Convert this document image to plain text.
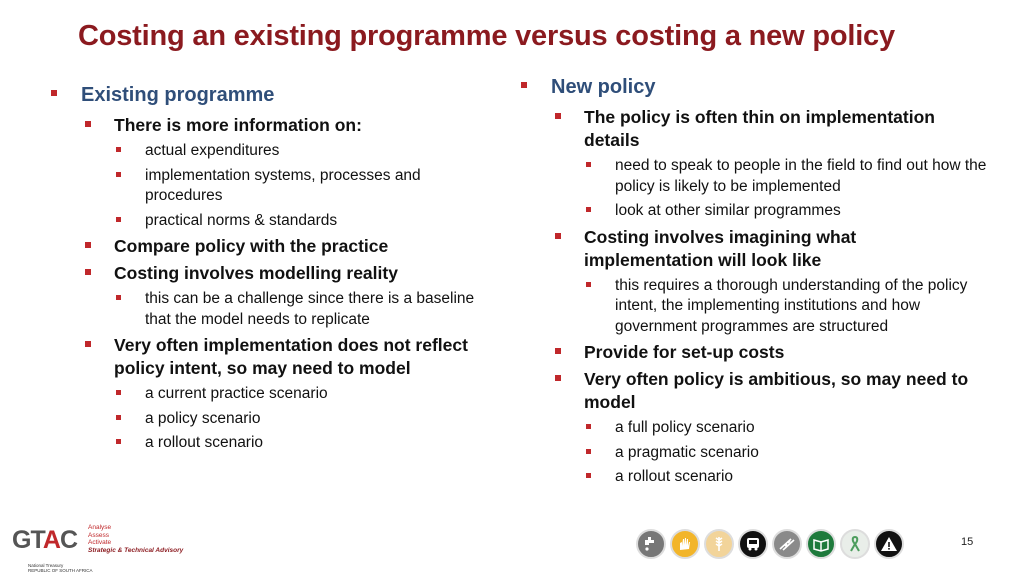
Costing an existing programme versus costing a new policy
Existing programme
There is more information on:
actual expenditures
implementation systems, processes and procedures
practical norms & standards
Compare policy with the practice
Costing involves modelling reality
this can be a challenge since there is a baseline that the model needs to replicate
Very often implementation does not reflect policy intent, so may need to model
a current practice scenario
a policy scenario
a rollout scenario
New policy
The policy is often thin on implementation details
need to speak to people in the field to find out how the policy is likely to be implemented
look at other similar programmes
Costing involves imagining what implementation will look like
this requires a thorough understanding of the policy intent, the implementing institutions and how government programmes are structured
Provide for set-up costs
Very often policy is ambitious, so may need to model
a full policy scenario
a pragmatic scenario
a rollout scenario
GTAC Analyse
Assess
Activate
Strategic & Technical Advisory
National Treasury
REPUBLIC OF SOUTH AFRICA
15
